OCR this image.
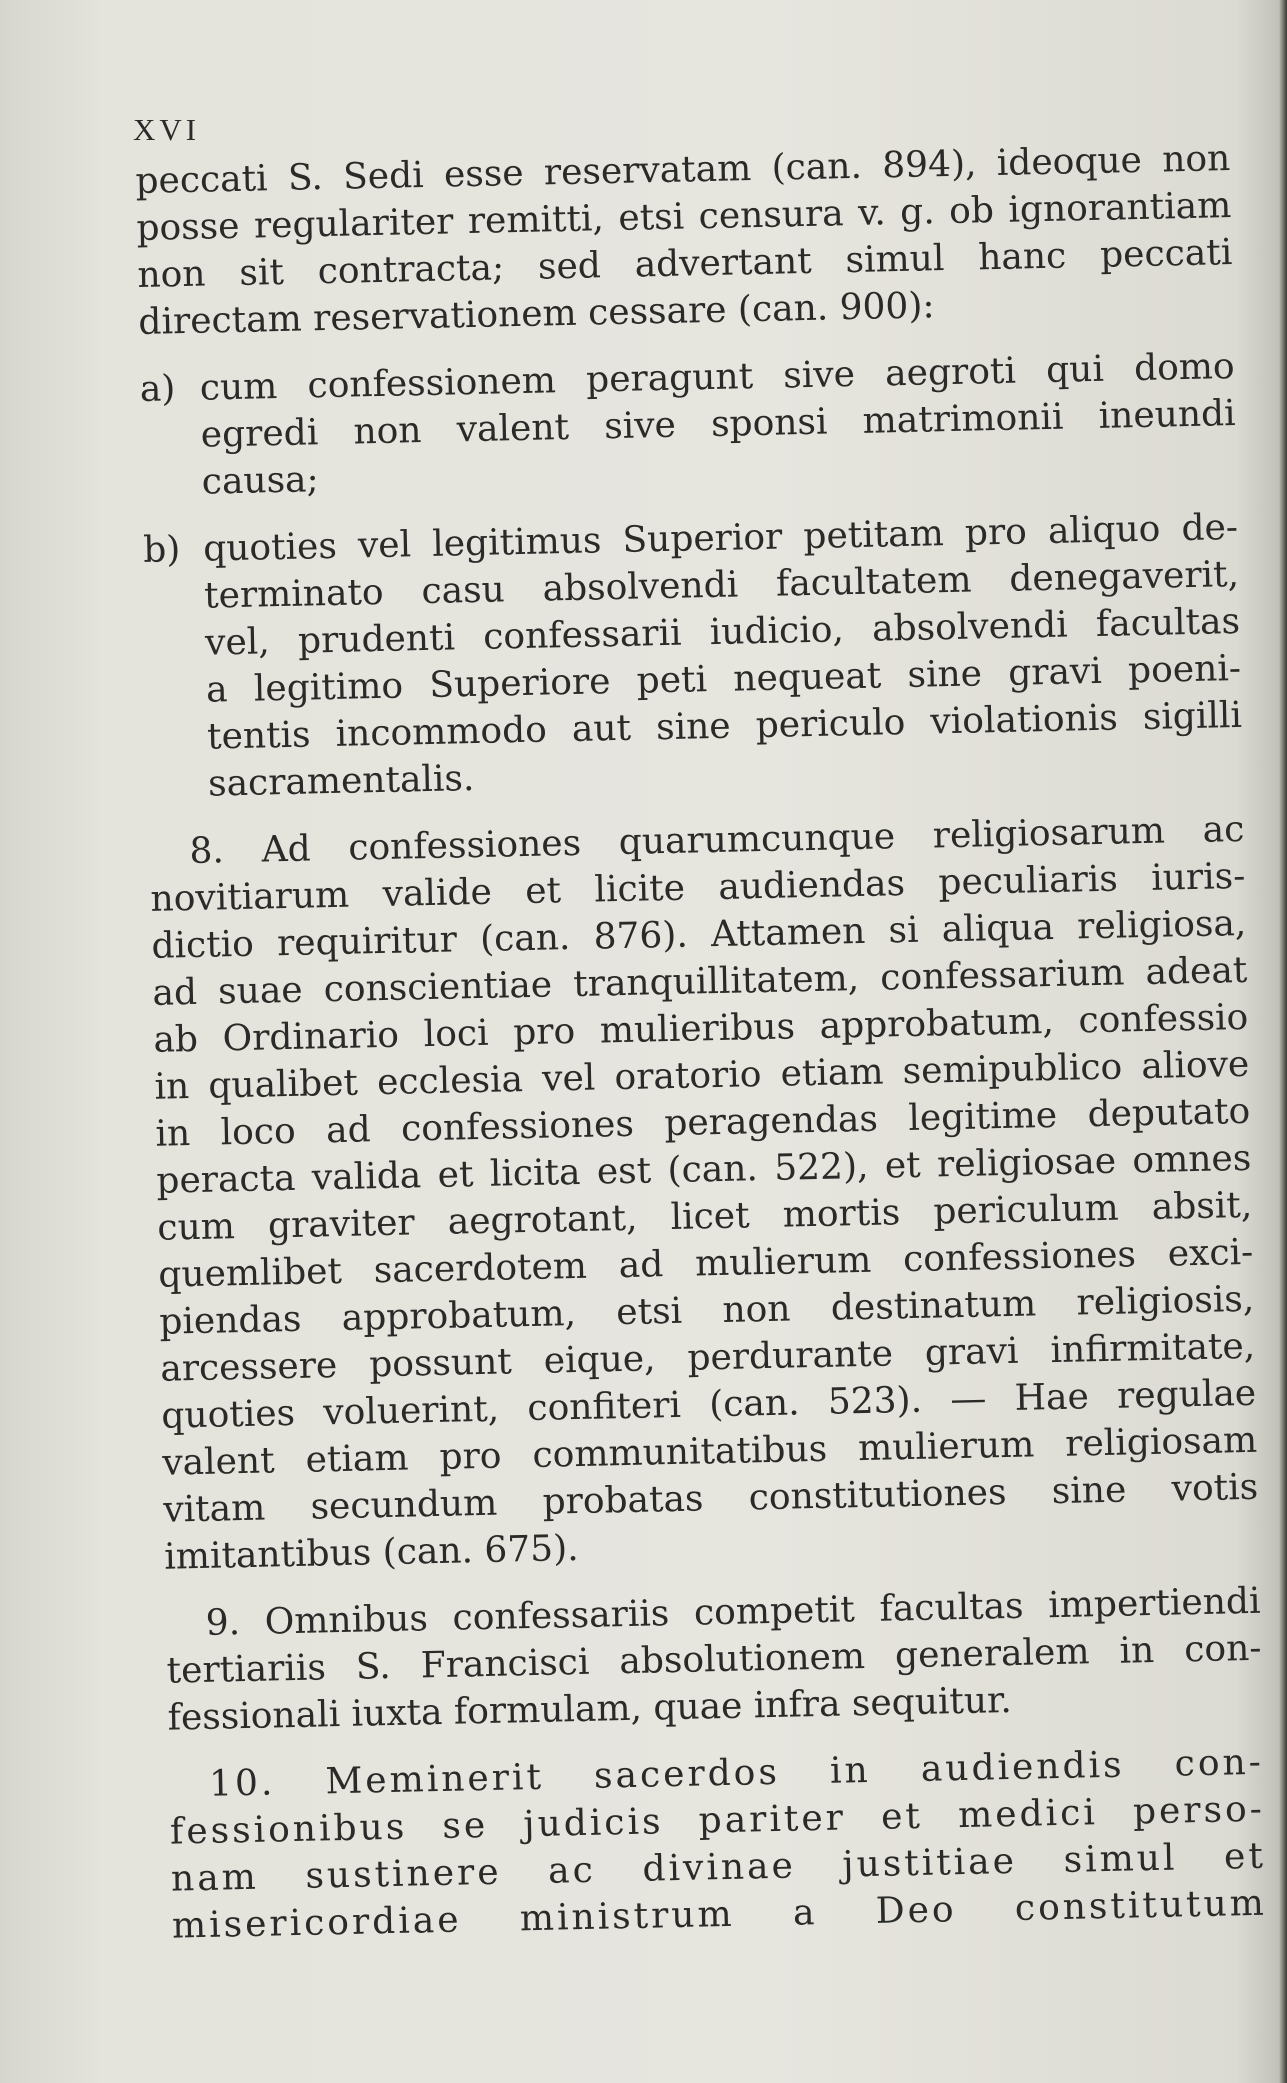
XVI
peccati S. Sedi esse reservatam (can. 894), ideoque non
posse regulariter remitti, etsi censura v. g. ob ignorantiam
non sit contracta; sed advertant simul hanc peccati
directam reservationem cessare (can. 900):
a) cum confessionem peragunt sive aegroti qui domo
egredi non valent sive sponsi matrimonii ineundi
causa;
b) quoties vel legitimus Superior petitam pro aliquo de-
terminato casu absolvendi facultatem denegaverit,
vel, prudenti confessarii iudicio, absolvendi facultas
a legitimo Superiore peti nequeat sine gravi poeni-
tentis incommodo aut sine periculo violationis sigilli
sacramentalis.
8. Ad confessiones quarumcunque religiosarum ac
novitiarum valide et licite audiendas peculiaris iuris-
dictio requiritur (can. 876). Attamen si aliqua religiosa,
ad suae conscientiae tranquillitatem, confessarium adeat
ab Ordinario loci pro mulieribus approbatum, confessio
in qualibet ecclesia vel oratorio etiam semipublico aliove
in loco ad confessiones peragendas legitime deputato
peracta valida et licita est (can. 522), et religiosae omnes
cum graviter aegrotant, licet mortis periculum absit,
quemlibet sacerdotem ad mulierum confessiones exci-
piendas approbatum, etsi non destinatum religiosis,
arcessere possunt eique, perdurante gravi infirmitate,
quoties voluerint, confiteri (can. 523). — Hae regulae
valent etiam pro communitatibus mulierum religiosam
vitam secundum probatas constitutiones sine votis
imitantibus (can. 675).
9. Omnibus confessariis competit facultas impertiendi
tertiariis S. Francisci absolutionem generalem in con-
fessionali iuxta formulam, quae infra sequitur.
10. Meminerit sacerdos in audiendis con-
fessionibus se judicis pariter et medici perso-
nam sustinere ac divinae justitiae simul et
misericordiae ministrum a Deo constitutum
